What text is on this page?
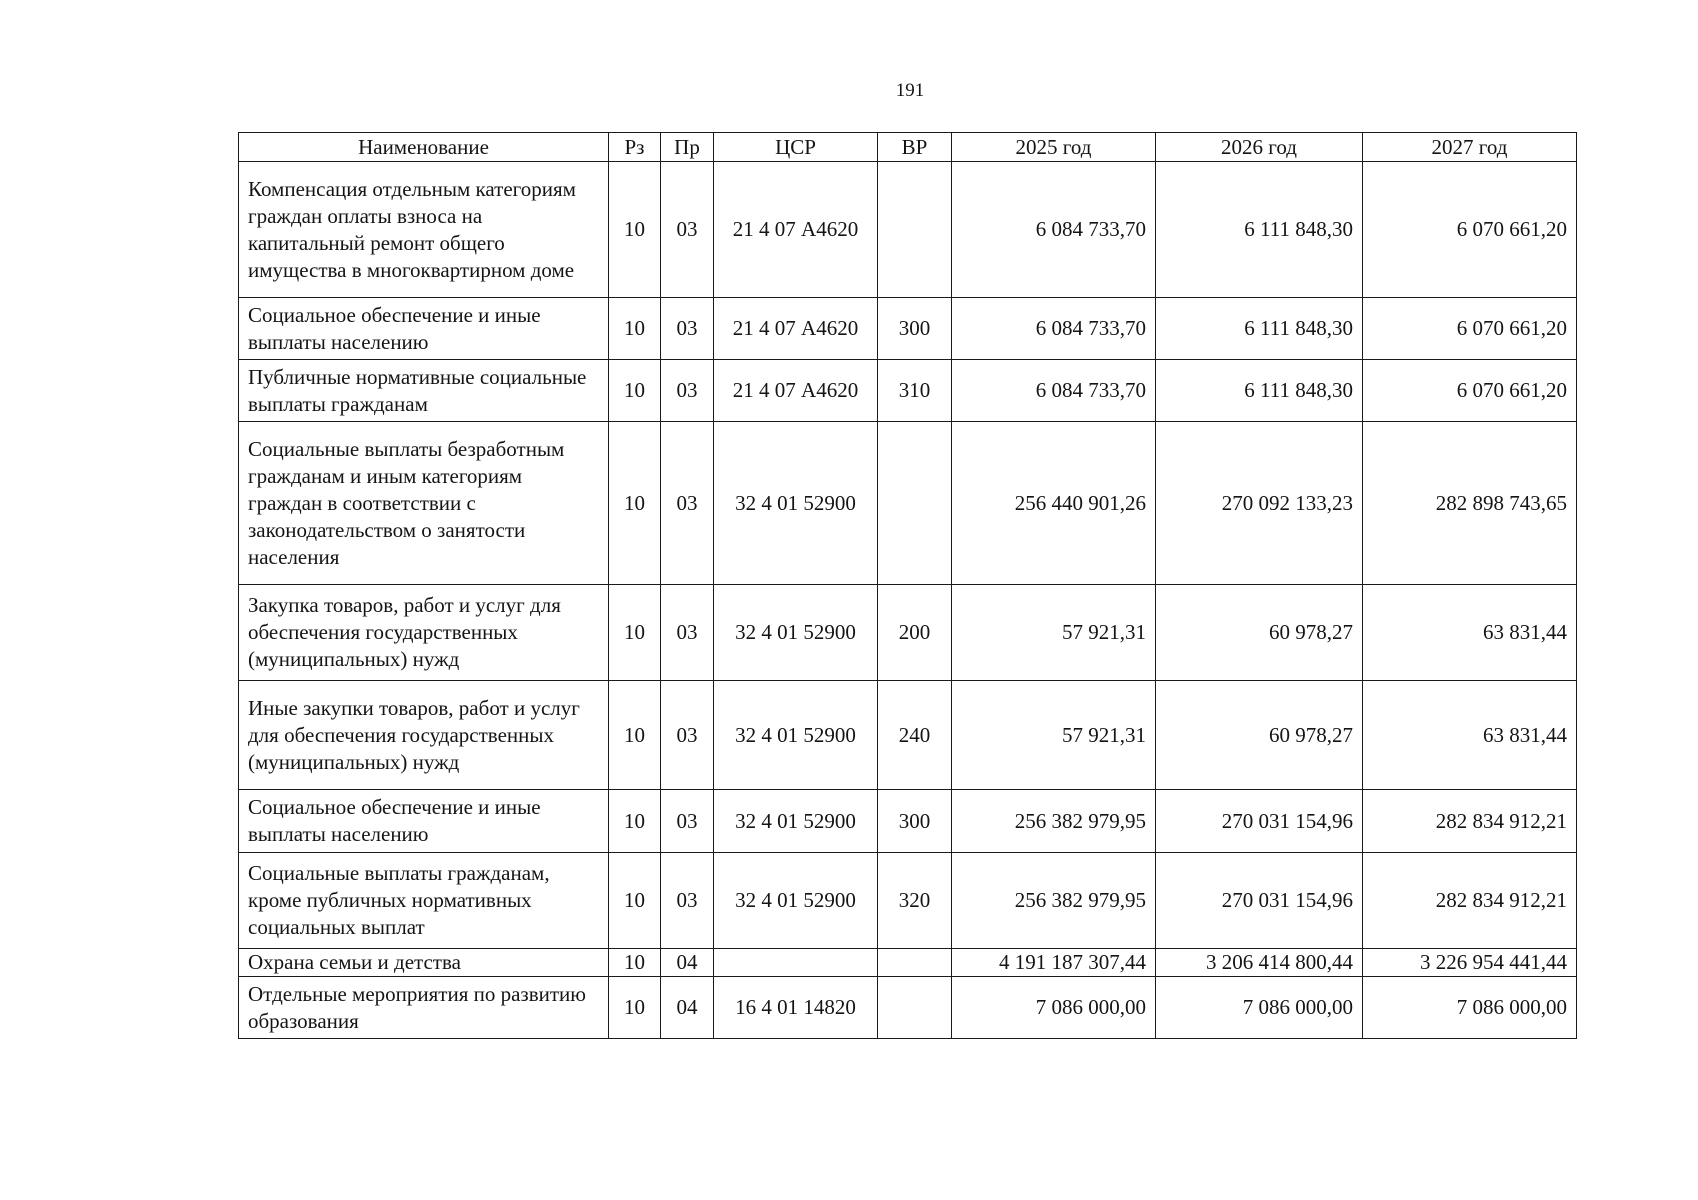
191
Наименование	Рз	Пр	ЦСР	ВР	2025 год	2026 год	2027 год
Компенсация отдельным категориям граждан оплаты взноса на капитальный ремонт общего имущества в многоквартирном доме	10	03	21 4 07 А4620		6 084 733,70	6 111 848,30	6 070 661,20
Социальное обеспечение и иные выплаты населению	10	03	21 4 07 А4620	300	6 084 733,70	6 111 848,30	6 070 661,20
Публичные нормативные социальные выплаты гражданам	10	03	21 4 07 А4620	310	6 084 733,70	6 111 848,30	6 070 661,20
Социальные выплаты безработным гражданам и иным категориям граждан в соответствии с законодательством о занятости населения	10	03	32 4 01 52900		256 440 901,26	270 092 133,23	282 898 743,65
Закупка товаров, работ и услуг для обеспечения государственных (муниципальных) нужд	10	03	32 4 01 52900	200	57 921,31	60 978,27	63 831,44
Иные закупки товаров, работ и услуг для обеспечения государственных (муниципальных) нужд	10	03	32 4 01 52900	240	57 921,31	60 978,27	63 831,44
Социальное обеспечение и иные выплаты населению	10	03	32 4 01 52900	300	256 382 979,95	270 031 154,96	282 834 912,21
Социальные выплаты гражданам, кроме публичных нормативных социальных выплат	10	03	32 4 01 52900	320	256 382 979,95	270 031 154,96	282 834 912,21
Охрана семьи и детства	10	04			4 191 187 307,44	3 206 414 800,44	3 226 954 441,44
Отдельные мероприятия по развитию образования	10	04	16 4 01 14820		7 086 000,00	7 086 000,00	7 086 000,00
